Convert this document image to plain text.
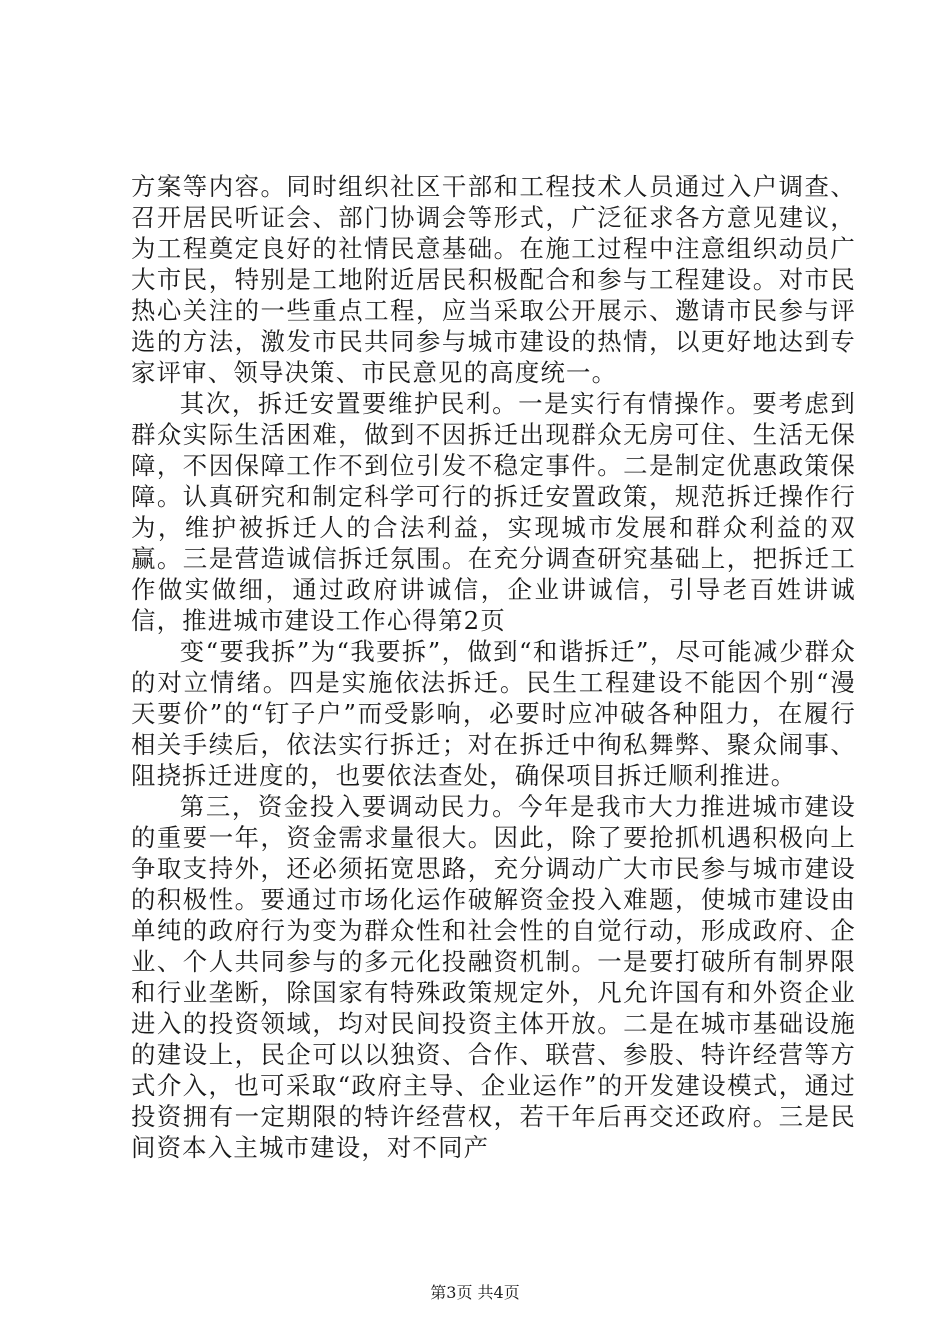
方案等内容。同时组织社区干部和工程技术人员通过入户调查、召开居民听证会、部门协调会等形式，广泛征求各方意见建议，为工程奠定良好的社情民意基础。在施工过程中注意组织动员广大市民，特别是工地附近居民积极配合和参与工程建设。对市民热心关注的一些重点工程，应当采取公开展示、邀请市民参与评选的方法，激发市民共同参与城市建设的热情，以更好地达到专家评审、领导决策、市民意见的高度统一。

其次，拆迁安置要维护民利。一是实行有情操作。要考虑到群众实际生活困难，做到不因拆迁出现群众无房可住、生活无保障，不因保障工作不到位引发不稳定事件。二是制定优惠政策保障。认真研究和制定科学可行的拆迁安置政策，规范拆迁操作行为，维护被拆迁人的合法利益，实现城市发展和群众利益的双赢。三是营造诚信拆迁氛围。在充分调查研究基础上，把拆迁工作做实做细，通过政府讲诚信，企业讲诚信，引导老百姓讲诚信，推进城市建设工作心得第2页

变“要我拆”为“我要拆”，做到“和谐拆迁”，尽可能减少群众的对立情绪。四是实施依法拆迁。民生工程建设不能因个别“漫天要价”的“钉子户”而受影响，必要时应冲破各种阻力，在履行相关手续后，依法实行拆迁；对在拆迁中徇私舞弊、聚众闹事、阻挠拆迁进度的，也要依法查处，确保项目拆迁顺利推进。

第三，资金投入要调动民力。今年是我市大力推进城市建设的重要一年，资金需求量很大。因此，除了要抢抓机遇积极向上争取支持外，还必须拓宽思路，充分调动广大市民参与城市建设的积极性。要通过市场化运作破解资金投入难题，使城市建设由单纯的政府行为变为群众性和社会性的自觉行动，形成政府、企业、个人共同参与的多元化投融资机制。一是要打破所有制界限和行业垄断，除国家有特殊政策规定外，凡允许国有和外资企业进入的投资领域，均对民间投资主体开放。二是在城市基础设施的建设上，民企可以以独资、合作、联营、参股、特许经营等方式介入，也可采取“政府主导、企业运作”的开发建设模式，通过投资拥有一定期限的特许经营权，若干年后再交还政府。三是民间资本入主城市建设，对不同产

第3页 共4页
